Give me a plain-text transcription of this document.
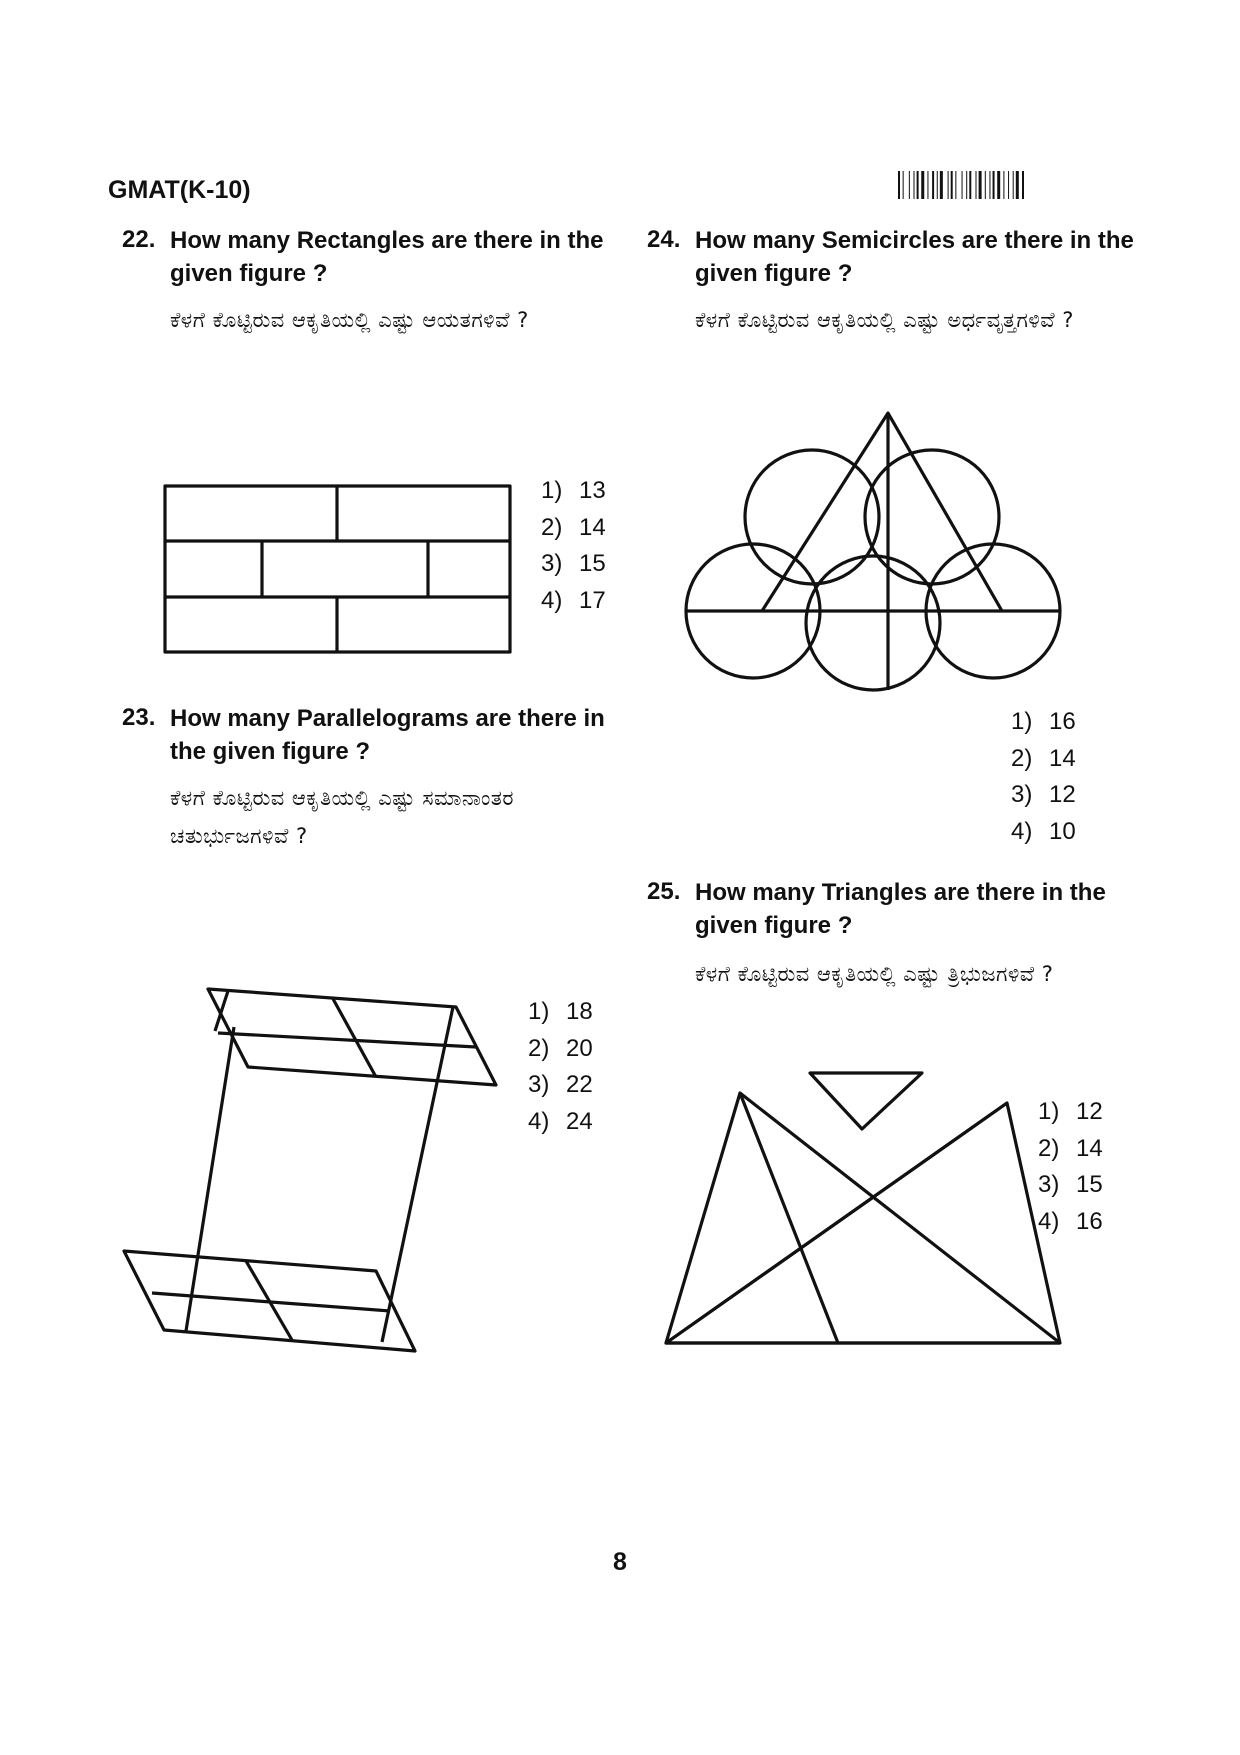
GMAT(K-10)
22. How many Rectangles are there in the given figure ?
ಕೆಳಗೆ ಕೊಟ್ಟಿರುವ ಆಕೃತಿಯಲ್ಲಿ ಎಷ್ಟು ಆಯತಗಳಿವೆ ?
1) 13
2) 14
3) 15
4) 17
23. How many Parallelograms are there in the given figure ?
ಕೆಳಗೆ ಕೊಟ್ಟಿರುವ ಆಕೃತಿಯಲ್ಲಿ ಎಷ್ಟು ಸಮಾನಾಂತರ ಚತುರ್ಭುಜಗಳಿವೆ ?
1) 18
2) 20
3) 22
4) 24
24. How many Semicircles are there in the given figure ?
ಕೆಳಗೆ ಕೊಟ್ಟಿರುವ ಆಕೃತಿಯಲ್ಲಿ ಎಷ್ಟು ಅರ್ಧವೃತ್ತಗಳಿವೆ ?
1) 16
2) 14
3) 12
4) 10
25. How many Triangles are there in the given figure ?
ಕೆಳಗೆ ಕೊಟ್ಟಿರುವ ಆಕೃತಿಯಲ್ಲಿ ಎಷ್ಟು ತ್ರಿಭುಜಗಳಿವೆ ?
1) 12
2) 14
3) 15
4) 16
8
